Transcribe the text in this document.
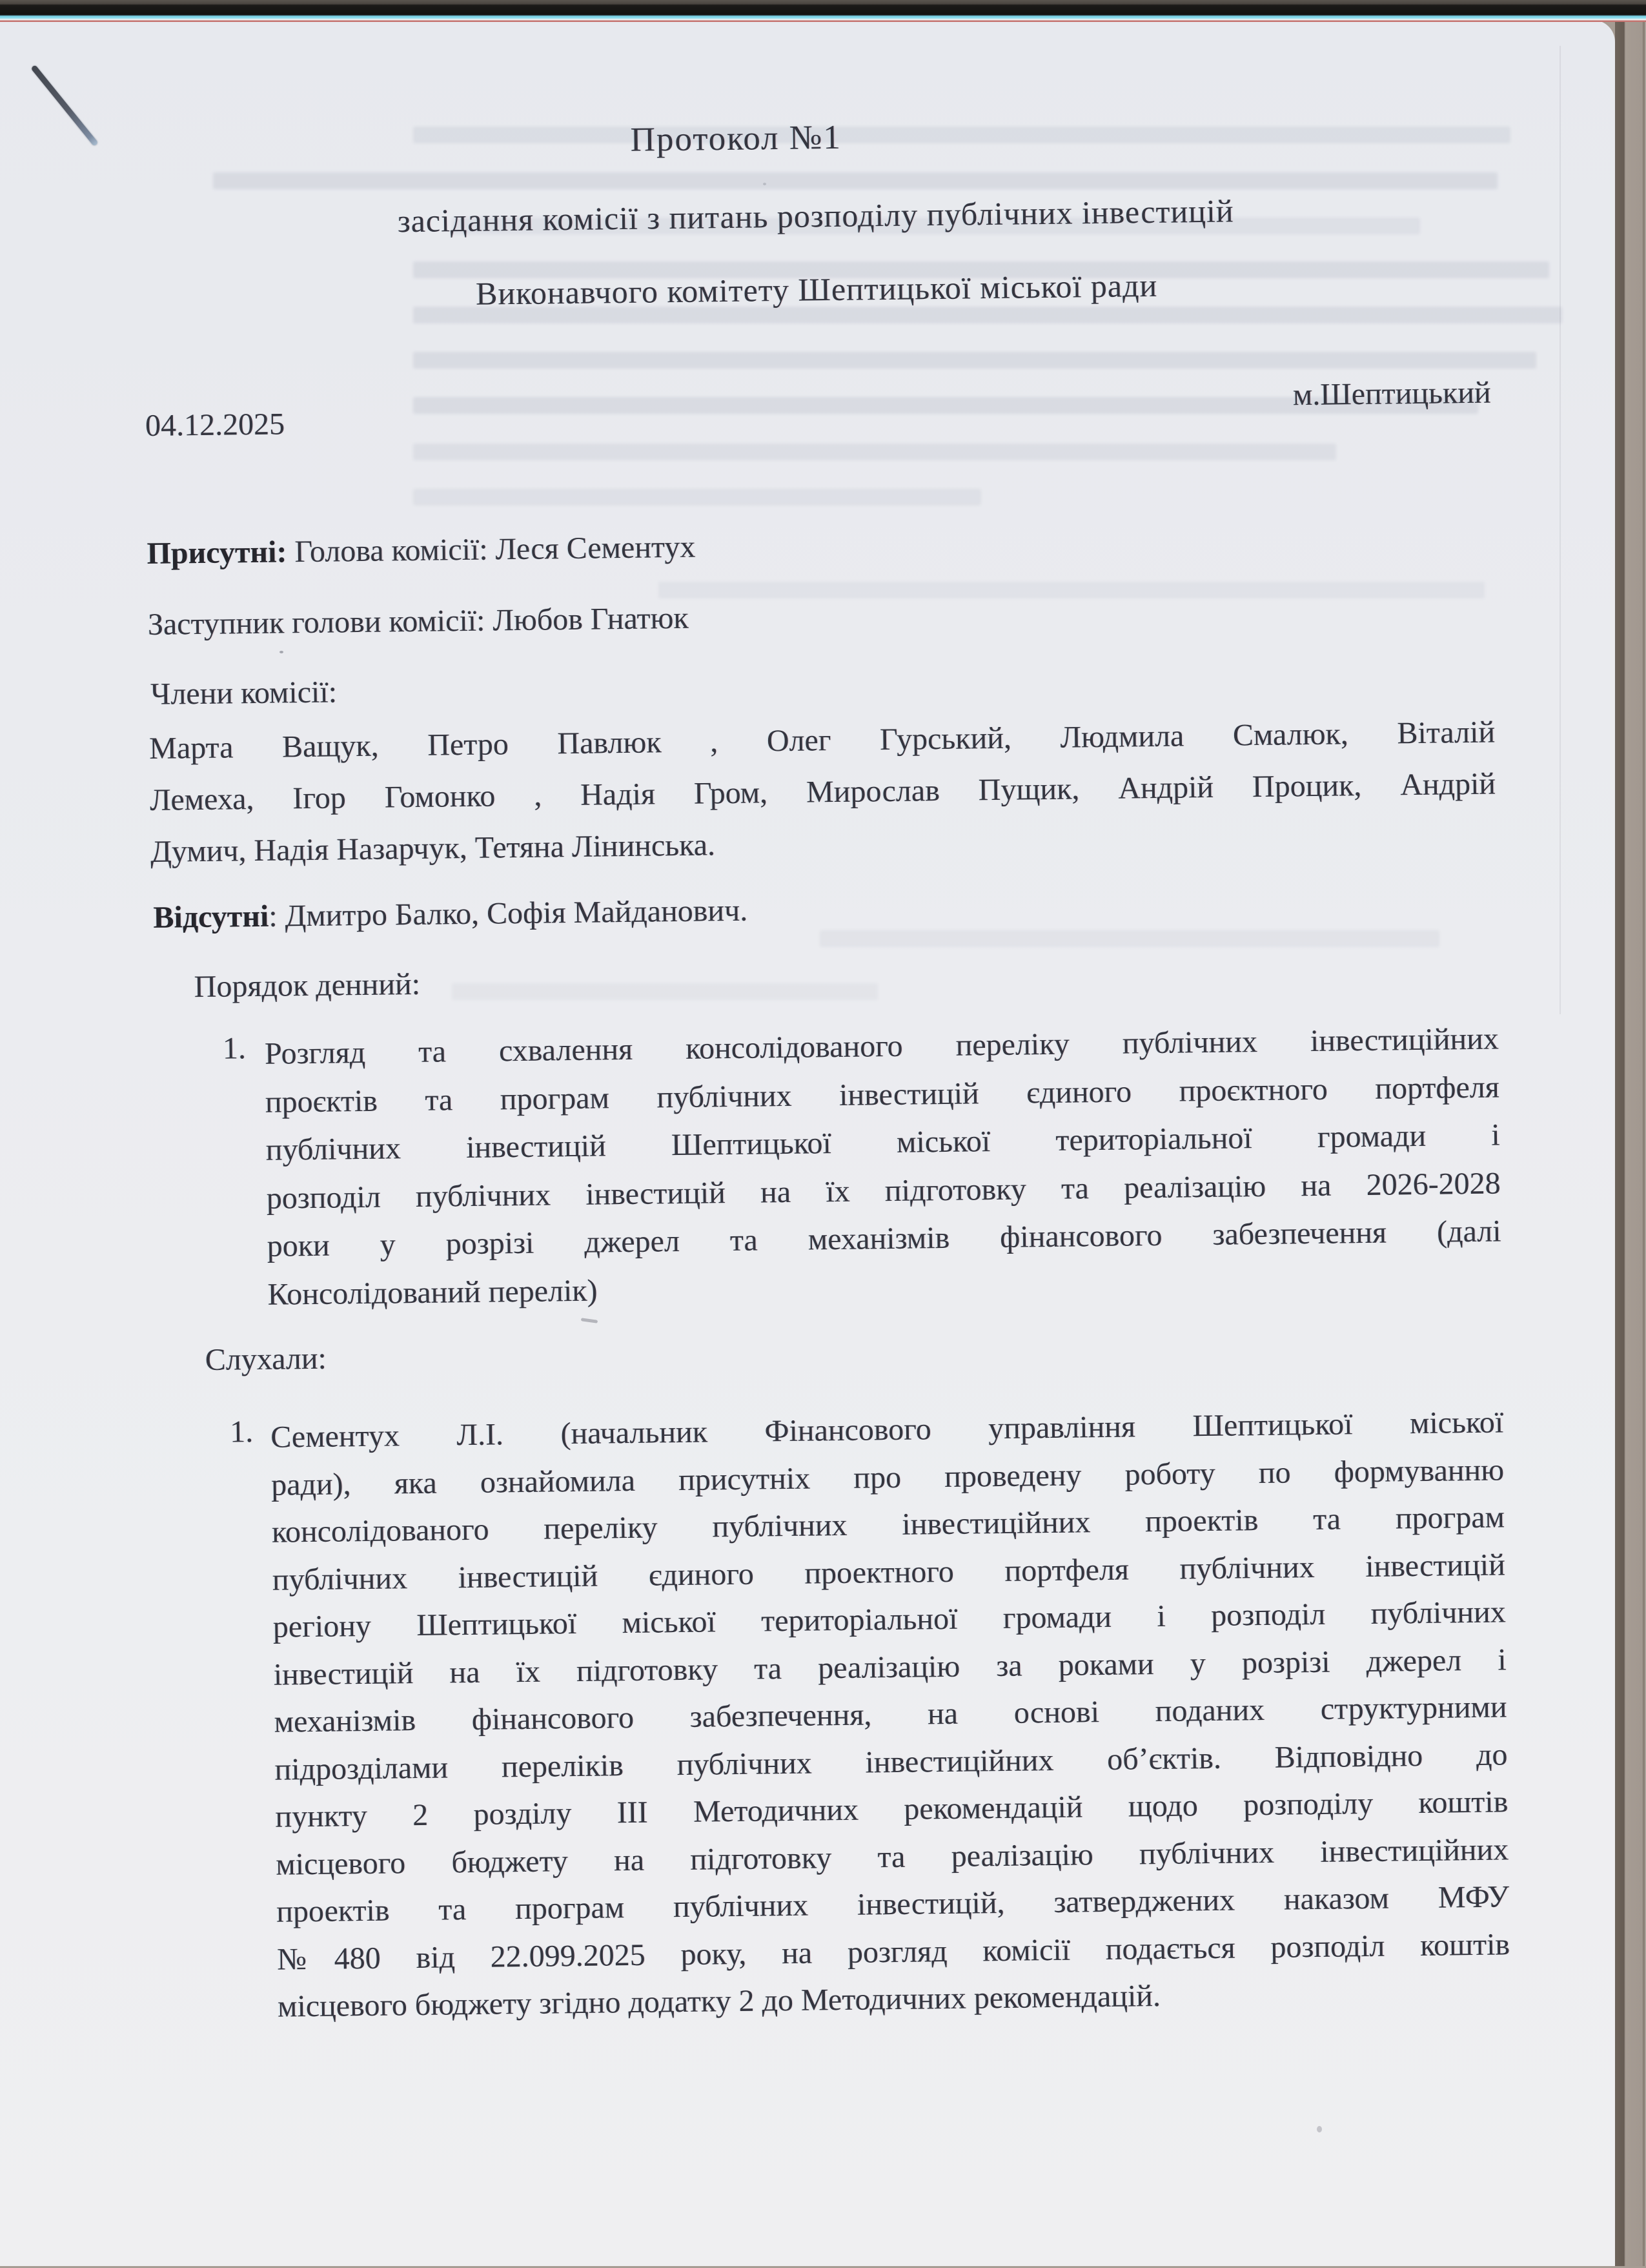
Протокол №1
засідання комісії з питань розподілу публічних інвестицій
Виконавчого комітету Шептицької міської ради
04.12.2025
м.Шептицький
Присутні: Голова комісії: Леся Сементух
Заступник голови комісії: Любов Гнатюк
Члени комісії:
Марта Ващук, Петро Павлюк , Олег Гурський, Людмила Смалюк, Віталій
Лемеха, Ігор Гомонко , Надія Гром, Мирослав Пущик, Андрій Процик, Андрій
Думич, Надія Назарчук, Тетяна Лінинська.
Відсутні: Дмитро Балко, Софія Майданович.
Порядок денний:
1. Розгляд та схвалення консолідованого переліку публічних інвестиційних
проєктів та програм публічних інвестицій єдиного проєктного портфеля
публічних інвестицій Шептицької міської територіальної громади і
розподіл публічних інвестицій на їх підготовку та реалізацію на 2026-2028
роки у розрізі джерел та механізмів фінансового забезпечення (далі
Консолідований перелік)
Слухали:
1. Сементух Л.І. (начальник Фінансового управління Шептицької міської
ради), яка ознайомила присутніх про проведену роботу по формуванню
консолідованого переліку публічних інвестиційних проектів та програм
публічних інвестицій єдиного проектного портфеля публічних інвестицій
регіону Шептицької міської територіальної громади і розподіл публічних
інвестицій на їх підготовку та реалізацію за роками у розрізі джерел і
механізмів фінансового забезпечення, на основі поданих структурними
підрозділами переліків публічних інвестиційних об’єктів. Відповідно до
пункту 2 розділу III Методичних рекомендацій щодо розподілу коштів
місцевого бюджету на підготовку та реалізацію публічних інвестиційних
проектів та програм публічних інвестицій, затверджених наказом МФУ
№480 від 22.099.2025 року, на розгляд комісії подається розподіл коштів
місцевого бюджету згідно додатку 2 до Методичних рекомендацій.
